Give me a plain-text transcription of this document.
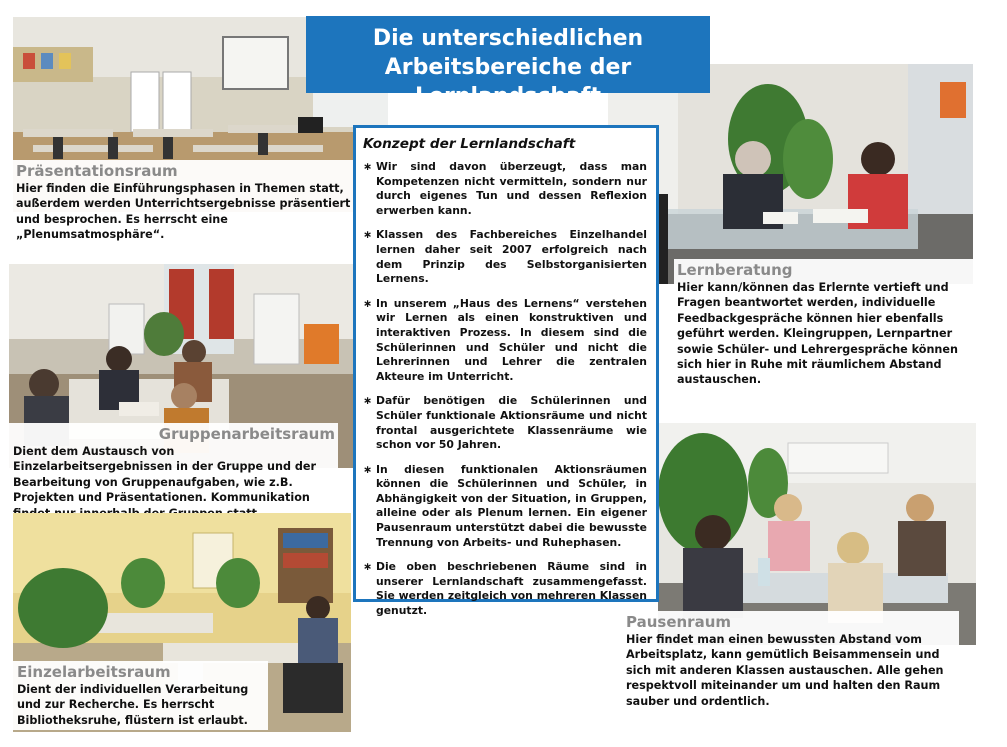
Präsentationsraum
Hier finden die Einführungsphasen in Themen statt, außerdem werden Unterrichtsergebnisse präsentiert und besprochen. Es herrscht eine „Plenumsatmosphäre“.
Gruppenarbeitsraum
Dient dem Austausch von Einzelarbeitsergebnissen in der Gruppe und der Bearbeitung von Gruppenaufgaben, wie z.B. Projekten und Präsentationen. Kommunikation
Einzelarbeitsraum
Dient der individuellen Verarbeitung und zur Recherche. Es herrscht Bibliotheksruhe, flüstern ist erlaubt.
Lernberatung
Hier kann/können das Erlernte vertieft und Fragen beantwortet werden, individuelle Feedbackgespräche können hier ebenfalls geführt werden. Kleingruppen, Lernpartner sowie Schüler- und Lehrergespräche können sich hier in Ruhe mit räumlichem Abstand austauschen.
Pausenraum
Hier findet man einen bewussten Abstand vom Arbeitsplatz, kann gemütlich Beisammensein und sich mit anderen Klassen austauschen. Alle gehen respektvoll miteinander um und halten den Raum sauber und ordentlich.
Die unterschiedlichen
Arbeitsbereiche der Lernlandschaft
Konzept der Lernlandschaft
∗ Wir sind davon überzeugt, dass man Kompetenzen nicht vermitteln, sondern nur durch eigenes Tun und dessen Reflexion erwerben kann.
∗ Klassen des Fachbereiches Einzelhandel lernen daher seit 2007 erfolgreich nach dem Prinzip des Selbstorganisierten Lernens.
∗ In unserem „Haus des Lernens“ verstehen wir Lernen als einen konstruktiven und interaktiven Prozess. In diesem sind die Schülerinnen und Schüler und nicht die Lehrerinnen und Lehrer die zentralen Akteure im Unterricht.
∗ Dafür benötigen die Schülerinnen und Schüler funktionale Aktionsräume und nicht frontal ausgerichtete Klassenräume wie schon vor 50 Jahren.
∗ In diesen funktionalen Aktionsräumen können die Schülerinnen und Schüler, in Abhängigkeit von der Situation, in Gruppen, alleine oder als Plenum lernen. Ein eigener Pausenraum unterstützt dabei die bewusste Trennung von Arbeits- und Ruhephasen.
∗ Die oben beschriebenen Räume sind in unserer Lernlandschaft zusammengefasst. Sie werden zeitgleich von mehreren Klassen genutzt.
